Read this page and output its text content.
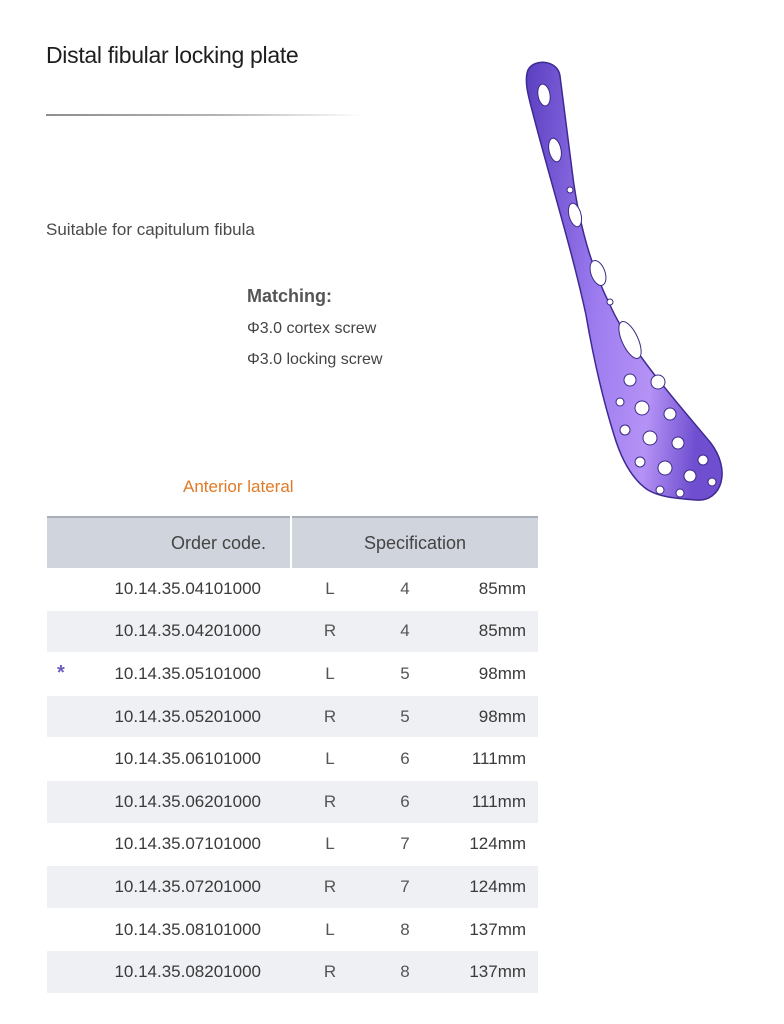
Distal fibular locking plate
Suitable for capitulum fibula
Matching:
Φ3.0 cortex screw
Φ3.0 locking screw
Anterior lateral
Order code.	Specification		
10.14.35.04101000	L	4	85mm
10.14.35.04201000	R	4	85mm

* 10.14.35.05101000	L	5	98mm
10.14.35.05201000	R	5	98mm
10.14.35.06101000	L	6	111mm
10.14.35.06201000	R	6	111mm
10.14.35.07101000	L	7	124mm
10.14.35.07201000	R	7	124mm
10.14.35.08101000	L	8	137mm
10.14.35.08201000	R	8	137mm
